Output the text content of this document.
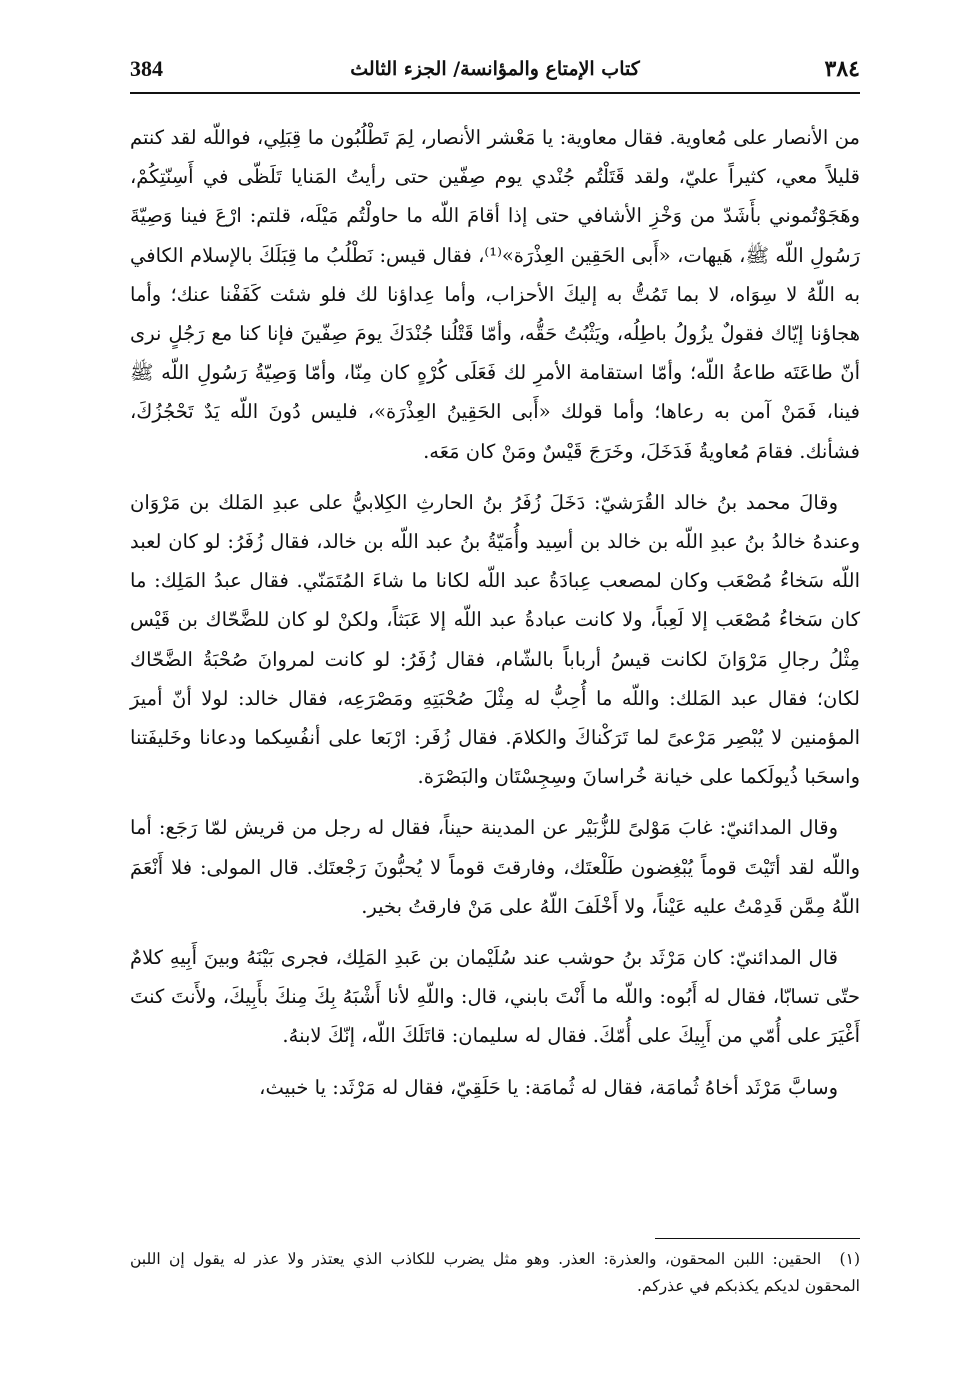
384	كتاب الإمتاع والمؤانسة/ الجزء الثالث	٣٨٤

من الأنصار على مُعاوية. فقال معاوية: يا مَعْشر الأنصار، لِمَ تَطْلُبُون ما قِبَلِي، فواللّه لقد كنتم قليلاً معي، كثيراً عليّ، ولقد قَتَلْتُم جُنْدي يوم صِفّين حتى رأيتُ المَنايا تَلَظّى في أَسِنّتِكُمْ، وهَجَوْتُموني بأَشَدّ من وَخْزِ الأشافي حتى إذا أقامَ اللّه ما حاولْتُم مَيْلَه، قلتم: ارْعَ فينا وَصِيّةَ رَسُولِ اللّه ﷺ، هَيهات، «أَبى الحَقِين العِذْرَة»⁽¹⁾، فقال قيس: نَطْلُبُ ما قِبَلَكَ بالإسلام الكافي به اللّهُ لا سِوَاه، لا بما تَمُتُّ به إليكَ الأحزاب، وأما عِداؤنا لك فلو شئت كَفَفْنا عنك؛ وأما هجاؤنا إيّاك فقولٌ يزُولُ باطِلُه، ويَثْبُتُ حَقُّه، وأمّا قَتْلُنا جُنْدَكَ يومَ صِفّينَ فإنا كنا مع رَجُلٍ نرى أنّ طاعَتَه طاعةُ اللّه؛ وأمّا استقامة الأمرِ لك فَعَلَى كُرْهٍ كان مِنّا، وأمّا وَصِيّةُ رَسُولِ اللّه ﷺ فينا، فَمَنْ آمن به رعاها؛ وأما قولك «أَبى الحَقِينُ العِذْرَة»، فليس دُونَ اللّه يَدٌ تَحْجُزُكَ، فشأنك. فقامَ مُعاويةُ فَدَخَلَ، وخَرَجَ قَيْسٌ ومَنْ كان مَعَه.

وقالَ محمد بنُ خالد القُرَشيّ: دَخَلَ زُفَرُ بنُ الحارثِ الكِلابيُّ على عبدِ المَلك بن مَرْوَان وعندهُ خالدُ بنُ عبدِ اللّه بن خالد بن أسِيد وأُمَيّةُ بنُ عبد اللّه بن خالد، فقال زُفَرُ: لو كان لعبد اللّه سَخاءُ مُصْعَب وكان لمصعب عِبادَةُ عبد اللّه لكانا ما شاءَ المُتَمَنّي. فقال عبدُ المَلِك: ما كان سَخاءُ مُصْعَب إلا لَعِباً، ولا كانت عبادةُ عبد اللّه إلا عَبَثاً، ولكنْ لو كان للضَّحّاك بن قَيْس مِثْلُ رجالِ مَرْوَانَ لكانت قيسُ أرباباً بالشّام، فقال زُفَرُ: لو كانت لمروانَ صُحْبَةُ الضَّحّاك لكان؛ فقال عبد المَلك: واللّه ما أُحِبُّ له مِثْلَ صُحْبَتِهِ ومَصْرَعِه، فقال خالد: لولا أنّ أميرَ المؤمنين لا يُبْصِر مَرْعىً لما تَرَكْناكَ والكلامَ. فقال زُفَر: ارْبَعا على أنفُسِكما ودعانا وخَليفَتنا واسحَبا ذُيولَكما على خيانة خُراسانَ وسِجِسْتَان والبَصْرَة.

وقال المدائنيّ: غابَ مَوْلىً للزُّبَيْر عن المدينة حيناً، فقال له رجل من قريش لمّا رَجَع: أما واللّه لقد أتَيْتَ قوماً يُبْغِضون طَلْعتَك، وفارقتَ قوماً لا يُحبُّونَ رَجْعتَك. قال المولى: فلا أَنْعَمَ اللّهُ مِمَّن قَدِمْتُ عليه عَيْناً، ولا أَخْلَفَ اللّهُ على مَنْ فارقتُ بخير.

قال المدائنيّ: كان مَرْثَد بنُ حوشب عند سُلَيْمان بن عَبدِ المَلِك، فجرى بَيْنَهُ وبينَ أَبِيهِ كلامٌ حتّى تسابّا، فقال له أَبُوه: واللّه ما أَنْتَ بابني، قال: واللّهِ لأنا أَشْبَهُ بِكَ مِنكَ بأَبِيكَ، ولأَنتَ كنتَ أَغْيَرَ على أُمّي من أَبِيكَ على أُمّكَ. فقال له سليمان: قاتَلَكَ اللّه، إنّكَ لابنهُ.

وسابَّ مَرْثَد أخاهُ ثُمامَة، فقال له ثُمامَة: يا حَلَقِيّ، فقال له مَرْثَد: يا خبيث،

(١) الحقين: اللبن المحقون، والعذرة: العذر. وهو مثل يضرب للكاذب الذي يعتذر ولا عذر له يقول إن اللبن المحقون لديكم يكذبكم في عذركم.
